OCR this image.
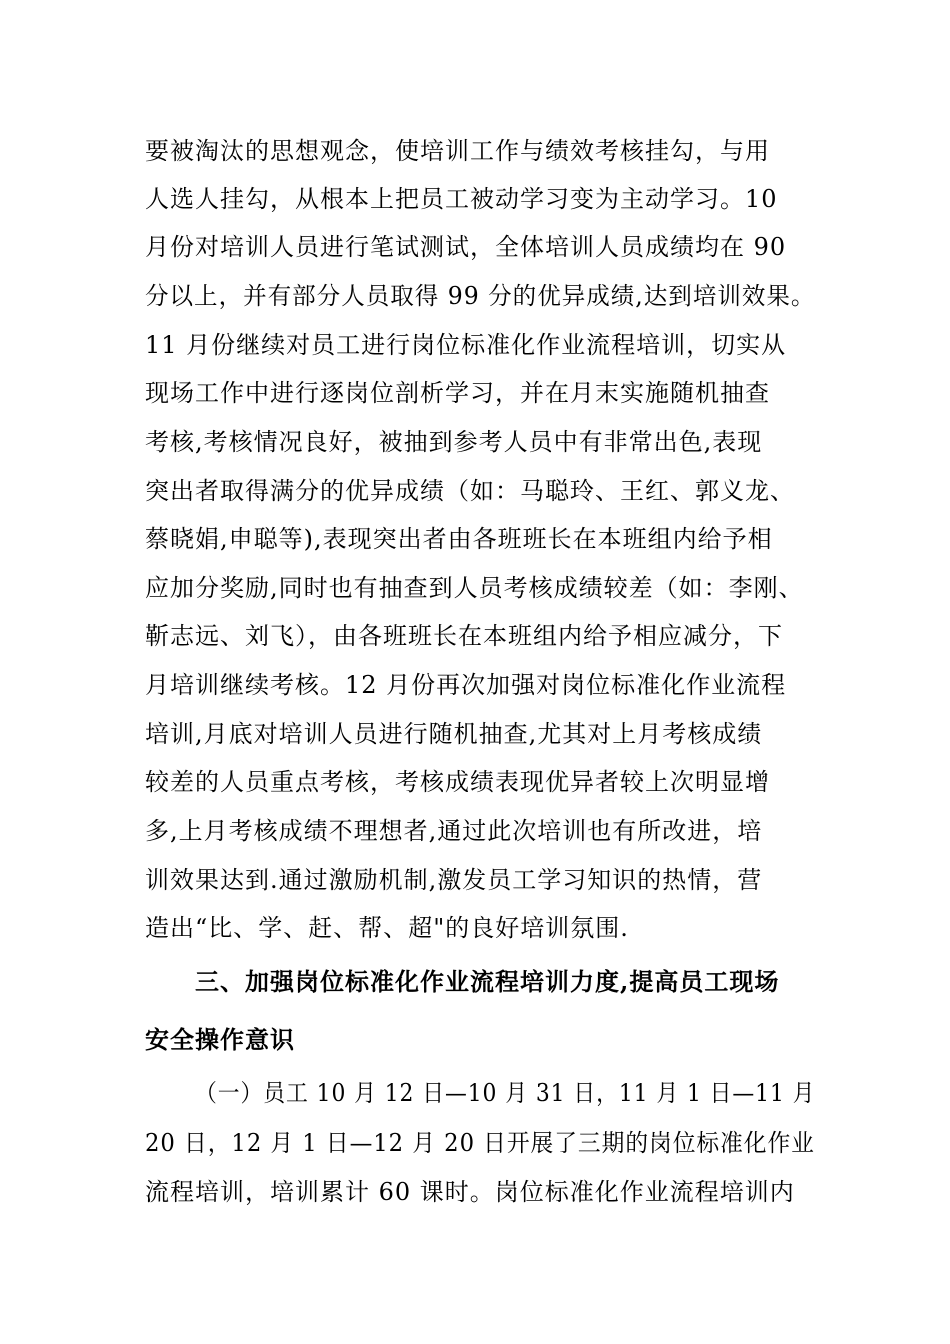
要被淘汰的思想观念，使培训工作与绩效考核挂勾，与用
人选人挂勾，从根本上把员工被动学习变为主动学习。10
月份对培训人员进行笔试测试，全体培训人员成绩均在 90
分以上，并有部分人员取得 99 分的优异成绩,达到培训效果。
11 月份继续对员工进行岗位标准化作业流程培训，切实从
现场工作中进行逐岗位剖析学习，并在月末实施随机抽查
考核,考核情况良好，被抽到参考人员中有非常出色,表现
突出者取得满分的优异成绩（如：马聪玲、王红、郭义龙、
蔡晓娟,申聪等),表现突出者由各班班长在本班组内给予相
应加分奖励,同时也有抽查到人员考核成绩较差（如：李刚、
靳志远、刘飞），由各班班长在本班组内给予相应减分，下
月培训继续考核。12 月份再次加强对岗位标准化作业流程
培训,月底对培训人员进行随机抽查,尤其对上月考核成绩
较差的人员重点考核，考核成绩表现优异者较上次明显增
多,上月考核成绩不理想者,通过此次培训也有所改进，培
训效果达到.通过激励机制,激发员工学习知识的热情，营
造出“比、学、赶、帮、超"的良好培训氛围.
三、加强岗位标准化作业流程培训力度,提高员工现场
安全操作意识
（一）员工 10 月 12 日—10 月 31 日，11 月 1 日—11 月
20 日，12 月 1 日—12 月 20 日开展了三期的岗位标准化作业
流程培训，培训累计 60 课时。岗位标准化作业流程培训内
